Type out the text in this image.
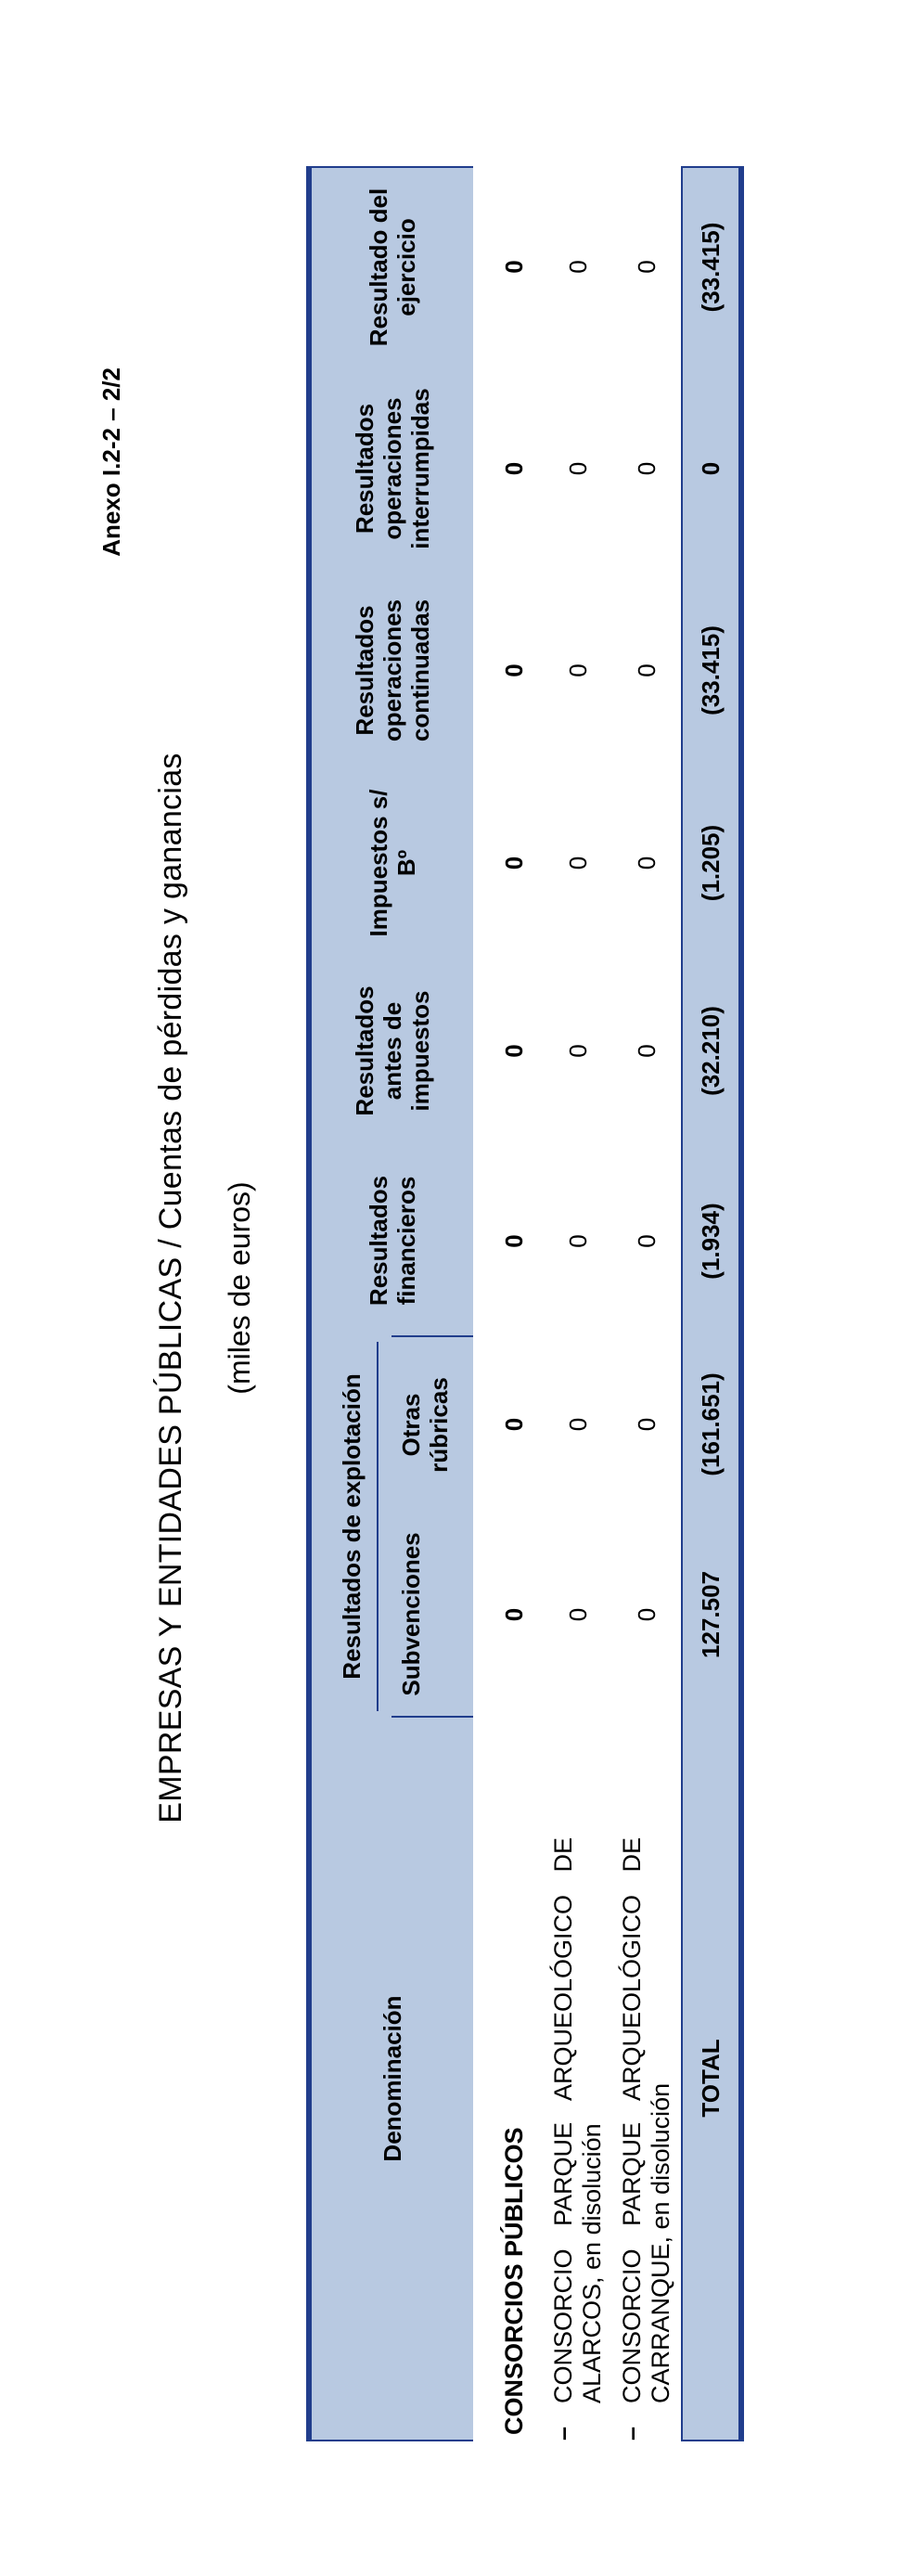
Anexo I.2-2 – 2/2
EMPRESAS Y ENTIDADES PÚBLICAS / Cuentas de pérdidas y ganancias (miles de euros)
Denominación	Resultados de explotación		Resultados financieros	Resultados antes de impuestos	Impuestos s/ Bº	Resultados operaciones continuadas	Resultados operaciones interrumpidas	Resultado del ejercicio
	Subvenciones	Otras rúbricas						
CONSORCIOS PÚBLICOS	0	0	0	0	0	0	0	0
–CONSORCIO PARQUE ARQUEOLÓGICO DE ALARCOS, en disolución	0	0	0	0	0	0	0	0
–CONSORCIO PARQUE ARQUEOLÓGICO DE CARRANQUE, en disolución	0	0	0	0	0	0	0	0
TOTAL	127.507	(161.651)	(1.934)	(32.210)	(1.205)	(33.415)	0	(33.415)
